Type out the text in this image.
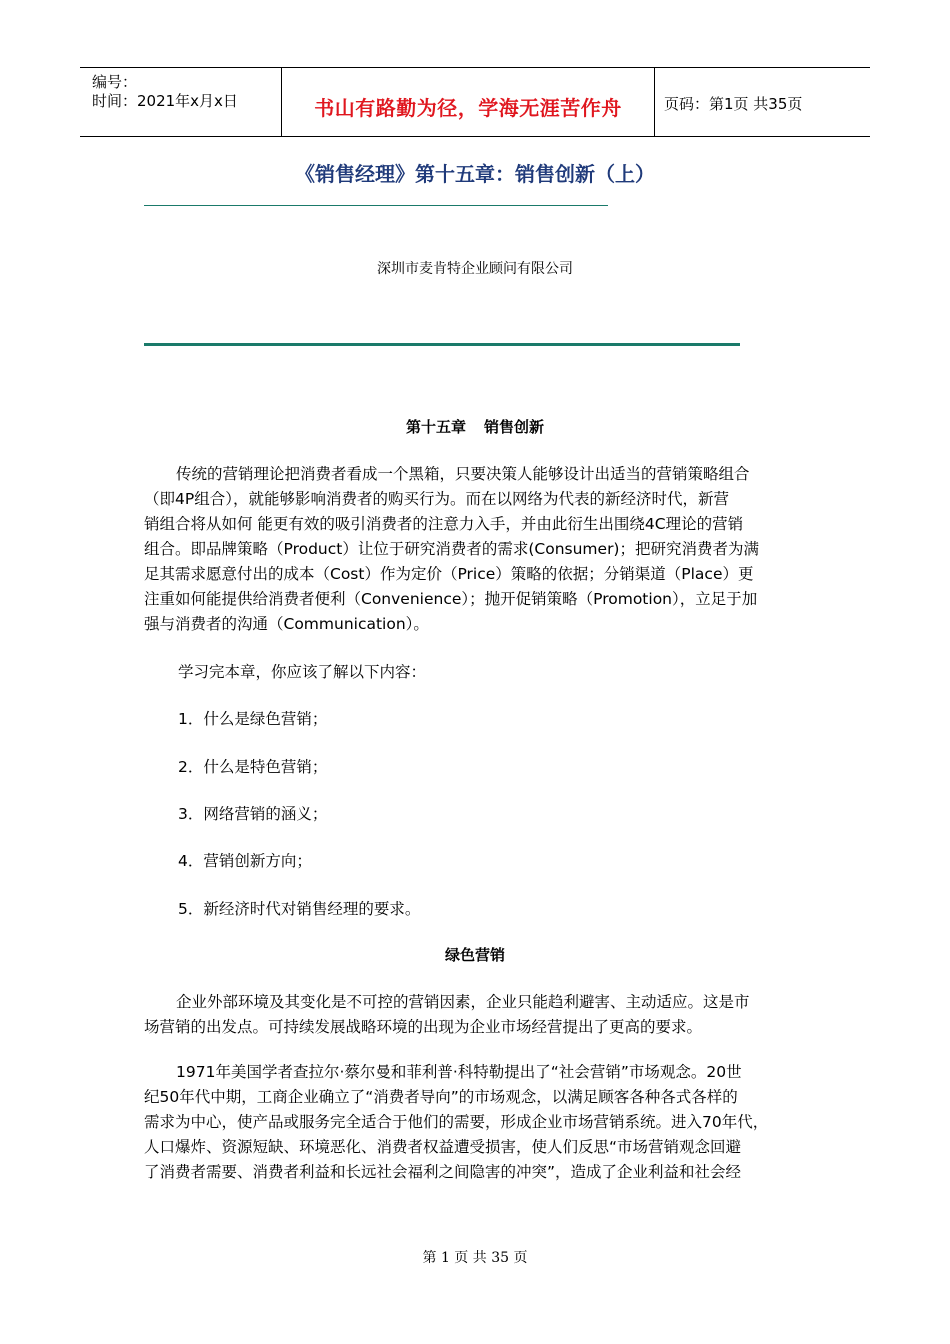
编号：
时间：2021年x月x日	书山有路勤为径，学海无涯苦作舟	页码：第1页 共35页
《销售经理》第十五章：销售创新（上）
深圳市麦肯特企业顾问有限公司
第十五章 销售创新
传统的营销理论把消费者看成一个黑箱，只要决策人能够设计出适当的营销策略组合
（即4P组合），就能够影响消费者的购买行为。而在以网络为代表的新经济时代，新营
销组合将从如何 能更有效的吸引消费者的注意力入手，并由此衍生出围绕4C理论的营销
组合。即品牌策略（Product）让位于研究消费者的需求(Consumer)；把研究消费者为满
足其需求愿意付出的成本（Cost）作为定价（Price）策略的依据；分销渠道（Place）更
注重如何能提供给消费者便利（Convenience）；抛开促销策略（Promotion），立足于加
强与消费者的沟通（Communication）。
学习完本章，你应该了解以下内容：
1．什么是绿色营销；
2．什么是特色营销；
3．网络营销的涵义；
4．营销创新方向；
5．新经济时代对销售经理的要求。
绿色营销
企业外部环境及其变化是不可控的营销因素，企业只能趋利避害、主动适应。这是市
场营销的出发点。可持续发展战略环境的出现为企业市场经营提出了更高的要求。
1971年美国学者查拉尔·蔡尔曼和菲利普·科特勒提出了“社会营销”市场观念。20世
纪50年代中期，工商企业确立了“消费者导向”的市场观念，以满足顾客各种各式各样的
需求为中心，使产品或服务完全适合于他们的需要，形成企业市场营销系统。进入70年代，
人口爆炸、资源短缺、环境恶化、消费者权益遭受损害，使人们反思“市场营销观念回避
了消费者需要、消费者利益和长远社会福利之间隐害的冲突”，造成了企业利益和社会经
第 1 页 共 35 页
